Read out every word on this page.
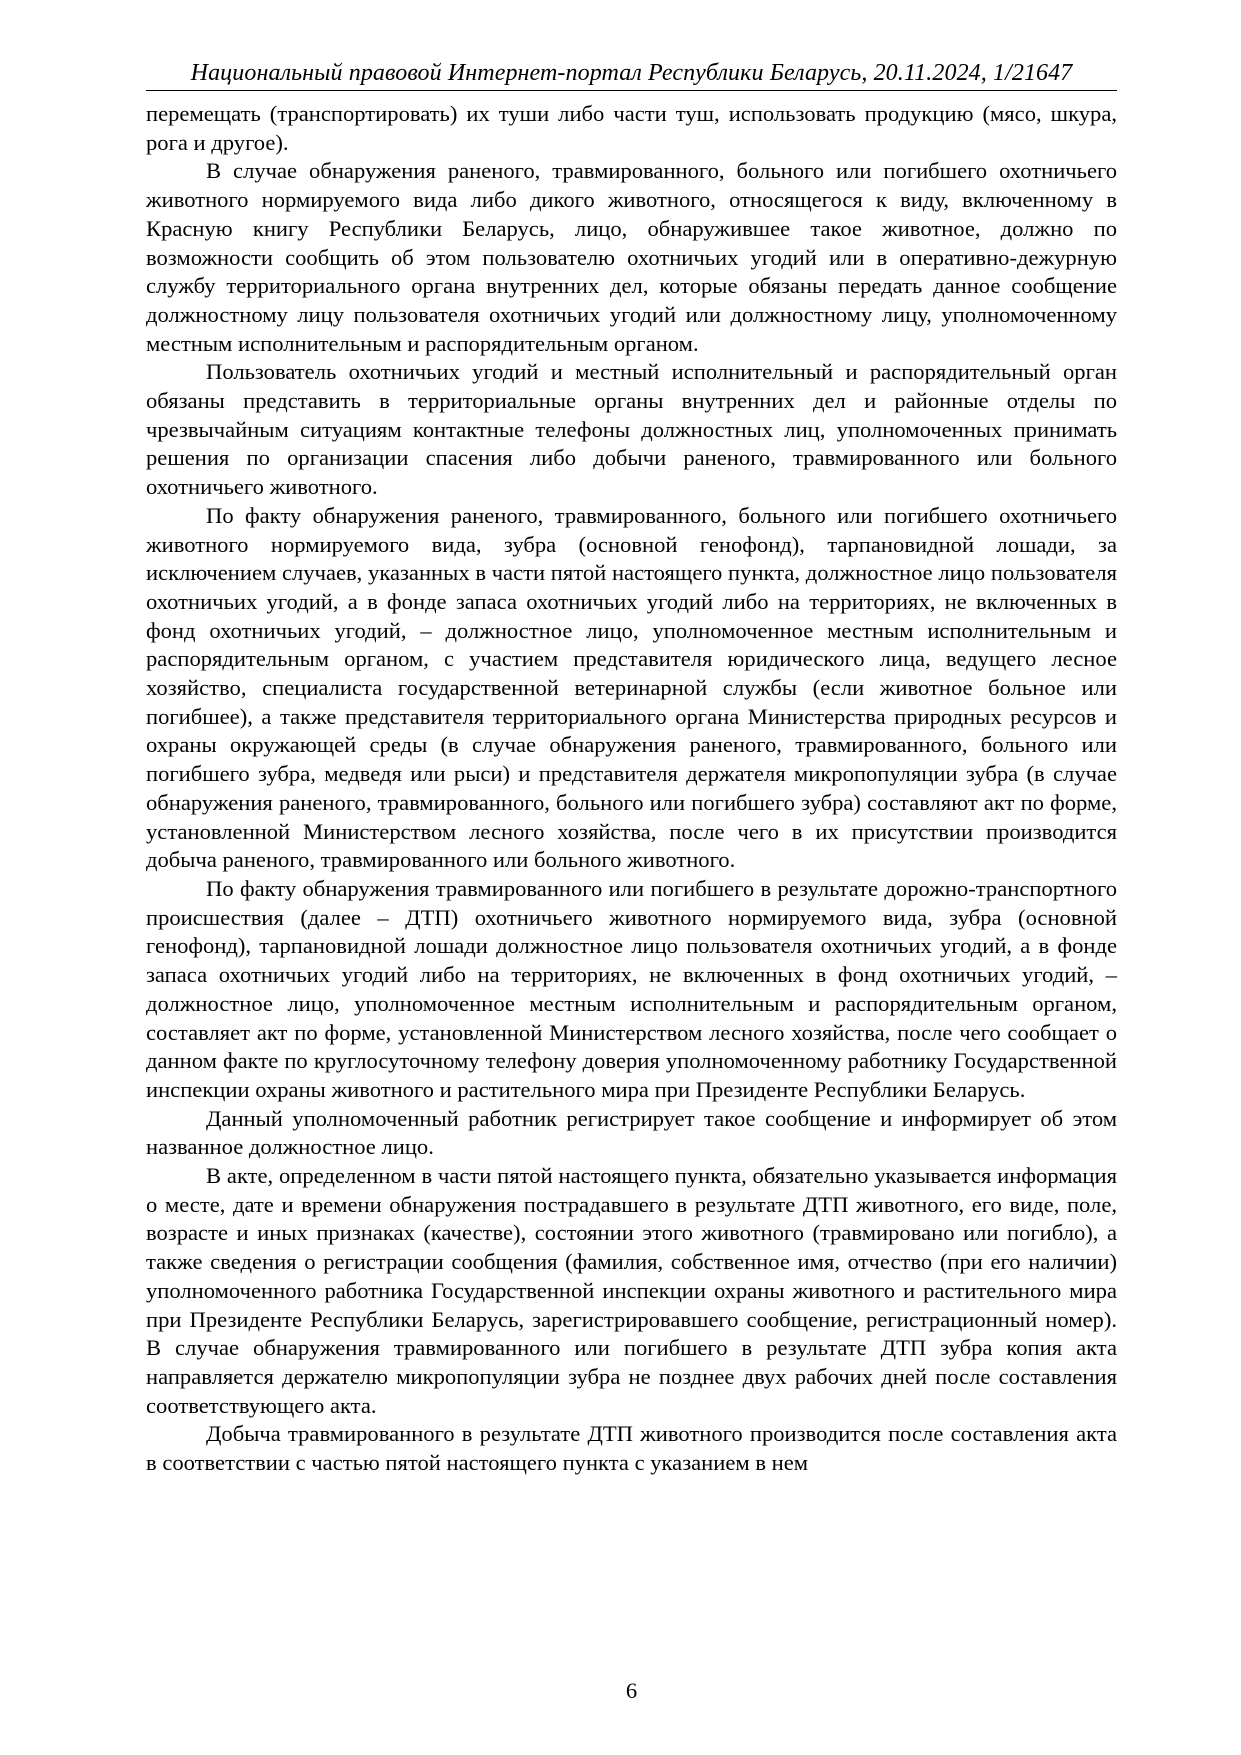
Национальный правовой Интернет-портал Республики Беларусь, 20.11.2024, 1/21647

перемещать (транспортировать) их туши либо части туш, использовать продукцию (мясо, шкура, рога и другое).

В случае обнаружения раненого, травмированного, больного или погибшего охотничьего животного нормируемого вида либо дикого животного, относящегося к виду, включенному в Красную книгу Республики Беларусь, лицо, обнаружившее такое животное, должно по возможности сообщить об этом пользователю охотничьих угодий или в оперативно-дежурную службу территориального органа внутренних дел, которые обязаны передать данное сообщение должностному лицу пользователя охотничьих угодий или должностному лицу, уполномоченному местным исполнительным и распорядительным органом.

Пользователь охотничьих угодий и местный исполнительный и распорядительный орган обязаны представить в территориальные органы внутренних дел и районные отделы по чрезвычайным ситуациям контактные телефоны должностных лиц, уполномоченных принимать решения по организации спасения либо добычи раненого, травмированного или больного охотничьего животного.

По факту обнаружения раненого, травмированного, больного или погибшего охотничьего животного нормируемого вида, зубра (основной генофонд), тарпановидной лошади, за исключением случаев, указанных в части пятой настоящего пункта, должностное лицо пользователя охотничьих угодий, а в фонде запаса охотничьих угодий либо на территориях, не включенных в фонд охотничьих угодий, – должностное лицо, уполномоченное местным исполнительным и распорядительным органом, с участием представителя юридического лица, ведущего лесное хозяйство, специалиста государственной ветеринарной службы (если животное больное или погибшее), а также представителя территориального органа Министерства природных ресурсов и охраны окружающей среды (в случае обнаружения раненого, травмированного, больного или погибшего зубра, медведя или рыси) и представителя держателя микропопуляции зубра (в случае обнаружения раненого, травмированного, больного или погибшего зубра) составляют акт по форме, установленной Министерством лесного хозяйства, после чего в их присутствии производится добыча раненого, травмированного или больного животного.

По факту обнаружения травмированного или погибшего в результате дорожно-транспортного происшествия (далее – ДТП) охотничьего животного нормируемого вида, зубра (основной генофонд), тарпановидной лошади должностное лицо пользователя охотничьих угодий, а в фонде запаса охотничьих угодий либо на территориях, не включенных в фонд охотничьих угодий, – должностное лицо, уполномоченное местным исполнительным и распорядительным органом, составляет акт по форме, установленной Министерством лесного хозяйства, после чего сообщает о данном факте по круглосуточному телефону доверия уполномоченному работнику Государственной инспекции охраны животного и растительного мира при Президенте Республики Беларусь.

Данный уполномоченный работник регистрирует такое сообщение и информирует об этом названное должностное лицо.

В акте, определенном в части пятой настоящего пункта, обязательно указывается информация о месте, дате и времени обнаружения пострадавшего в результате ДТП животного, его виде, поле, возрасте и иных признаках (качестве), состоянии этого животного (травмировано или погибло), а также сведения о регистрации сообщения (фамилия, собственное имя, отчество (при его наличии) уполномоченного работника Государственной инспекции охраны животного и растительного мира при Президенте Республики Беларусь, зарегистрировавшего сообщение, регистрационный номер). В случае обнаружения травмированного или погибшего в результате ДТП зубра копия акта направляется держателю микропопуляции зубра не позднее двух рабочих дней после составления соответствующего акта.

Добыча травмированного в результате ДТП животного производится после составления акта в соответствии с частью пятой настоящего пункта с указанием в нем

6
